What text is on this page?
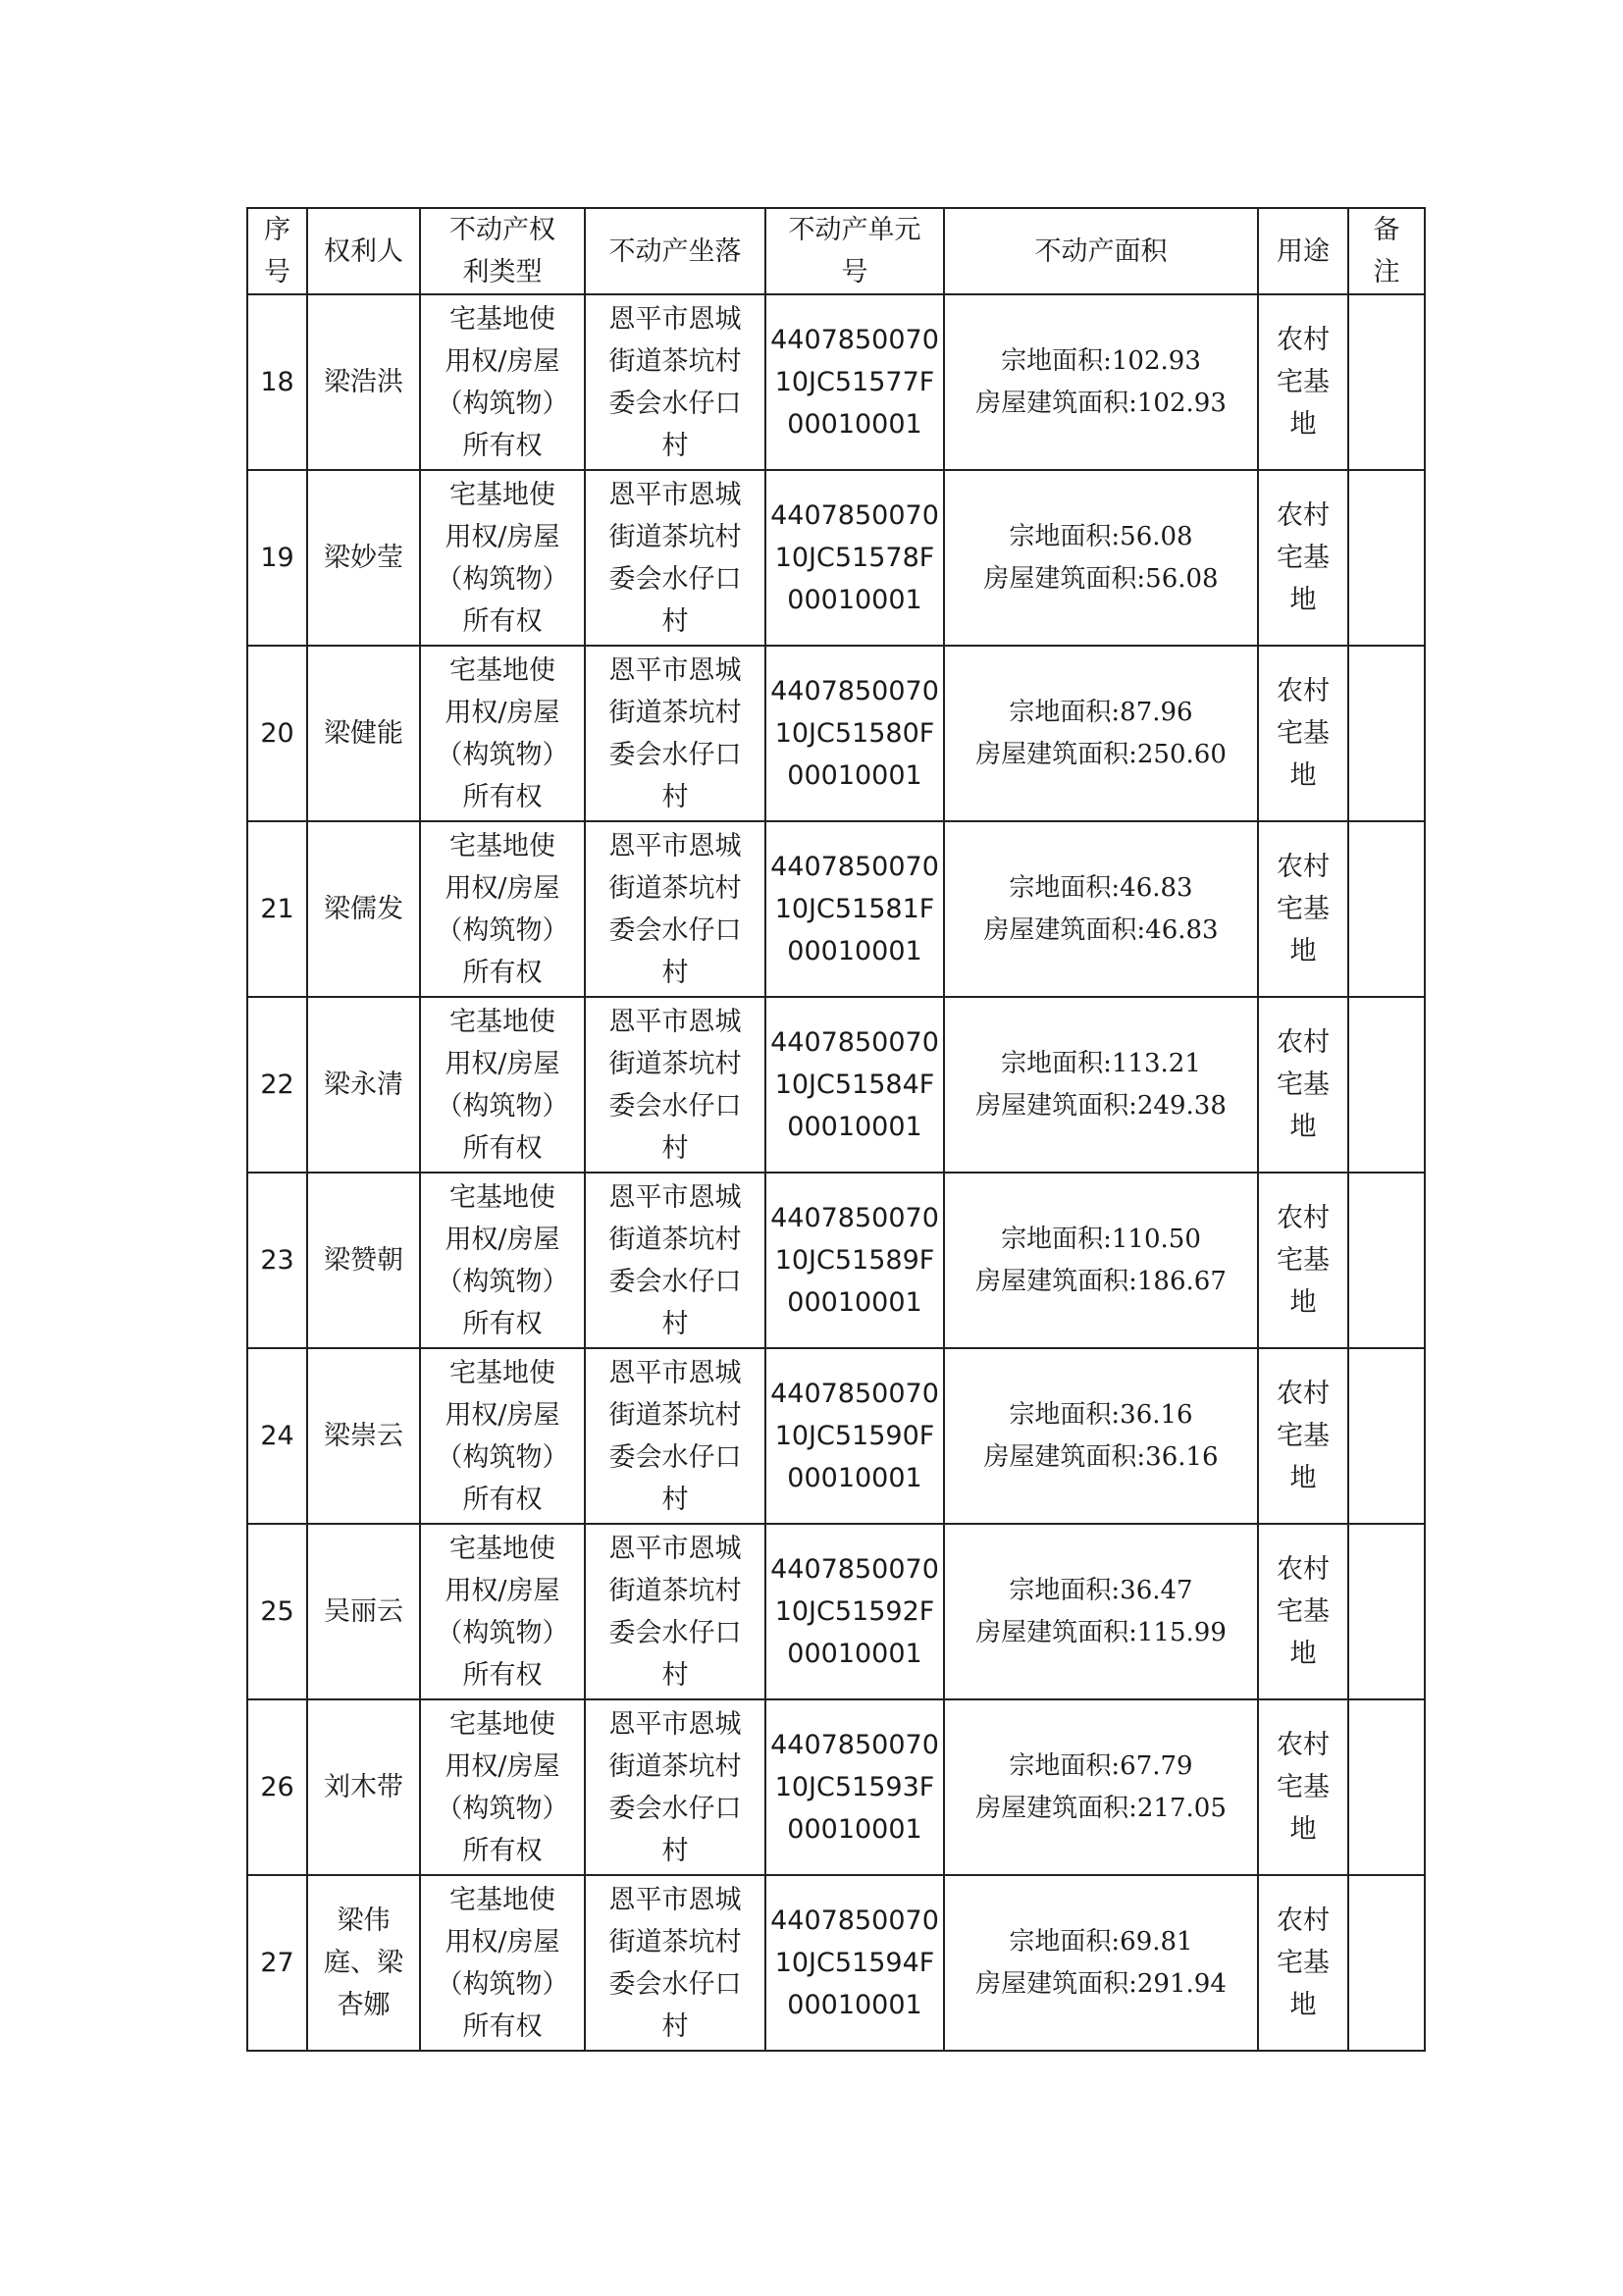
序
号	权利人	不动产权
利类型	不动产坐落	不动产单元
号	不动产面积	用途	备
注

18	梁浩洪	宅基地使
用权/房屋
（构筑物）
所有权	恩平市恩城
街道茶坑村
委会水仔口
村	4407850070
10JC51577F
00010001	宗地面积:102.93
房屋建筑面积:102.93	农村
宅基
地	

19	梁妙莹	宅基地使
用权/房屋
（构筑物）
所有权	恩平市恩城
街道茶坑村
委会水仔口
村	4407850070
10JC51578F
00010001	宗地面积:56.08
房屋建筑面积:56.08	农村
宅基
地	

20	梁健能	宅基地使
用权/房屋
（构筑物）
所有权	恩平市恩城
街道茶坑村
委会水仔口
村	4407850070
10JC51580F
00010001	宗地面积:87.96
房屋建筑面积:250.60	农村
宅基
地	

21	梁儒发	宅基地使
用权/房屋
（构筑物）
所有权	恩平市恩城
街道茶坑村
委会水仔口
村	4407850070
10JC51581F
00010001	宗地面积:46.83
房屋建筑面积:46.83	农村
宅基
地	

22	梁永清	宅基地使
用权/房屋
（构筑物）
所有权	恩平市恩城
街道茶坑村
委会水仔口
村	4407850070
10JC51584F
00010001	宗地面积:113.21
房屋建筑面积:249.38	农村
宅基
地	

23	梁赞朝	宅基地使
用权/房屋
（构筑物）
所有权	恩平市恩城
街道茶坑村
委会水仔口
村	4407850070
10JC51589F
00010001	宗地面积:110.50
房屋建筑面积:186.67	农村
宅基
地	

24	梁崇云	宅基地使
用权/房屋
（构筑物）
所有权	恩平市恩城
街道茶坑村
委会水仔口
村	4407850070
10JC51590F
00010001	宗地面积:36.16
房屋建筑面积:36.16	农村
宅基
地	

25	吴丽云	宅基地使
用权/房屋
（构筑物）
所有权	恩平市恩城
街道茶坑村
委会水仔口
村	4407850070
10JC51592F
00010001	宗地面积:36.47
房屋建筑面积:115.99	农村
宅基
地	

26	刘木带	宅基地使
用权/房屋
（构筑物）
所有权	恩平市恩城
街道茶坑村
委会水仔口
村	4407850070
10JC51593F
00010001	宗地面积:67.79
房屋建筑面积:217.05	农村
宅基
地	

27	梁伟
庭、梁
杏娜	宅基地使
用权/房屋
（构筑物）
所有权	恩平市恩城
街道茶坑村
委会水仔口
村	4407850070
10JC51594F
00010001	宗地面积:69.81
房屋建筑面积:291.94	农村
宅基
地	
